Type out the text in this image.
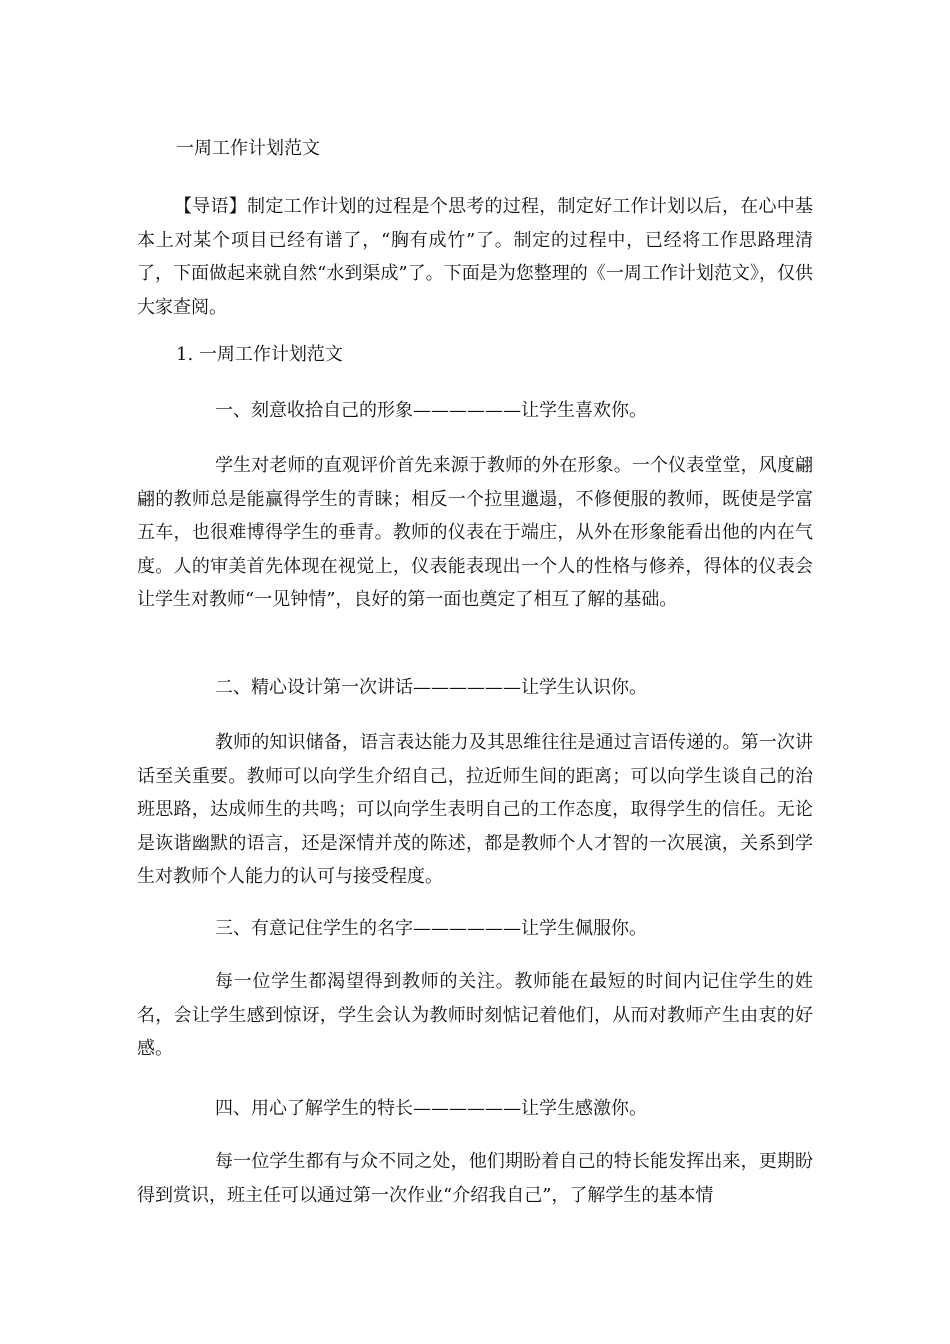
一周工作计划范文
【导语】制定工作计划的过程是个思考的过程，制定好工作计划以后，在心中基本上对某个项目已经有谱了，“胸有成竹”了。制定的过程中，已经将工作思路理清了，下面做起来就自然“水到渠成”了。下面是为您整理的《一周工作计划范文》，仅供大家查阅。
1. 一周工作计划范文
一、刻意收拾自己的形象——————让学生喜欢你。
学生对老师的直观评价首先来源于教师的外在形象。一个仪表堂堂，风度翩翩的教师总是能赢得学生的青睐；相反一个拉里邋遢，不修便服的教师，既使是学富五车，也很难博得学生的垂青。教师的仪表在于端庄，从外在形象能看出他的内在气度。人的审美首先体现在视觉上，仪表能表现出一个人的性格与修养，得体的仪表会让学生对教师“一见钟情”，良好的第一面也奠定了相互了解的基础。
二、精心设计第一次讲话——————让学生认识你。
教师的知识储备，语言表达能力及其思维往往是通过言语传递的。第一次讲话至关重要。教师可以向学生介绍自己，拉近师生间的距离；可以向学生谈自己的治班思路，达成师生的共鸣；可以向学生表明自己的工作态度，取得学生的信任。无论是诙谐幽默的语言，还是深情并茂的陈述，都是教师个人才智的一次展演，关系到学生对教师个人能力的认可与接受程度。
三、有意记住学生的名字——————让学生佩服你。
每一位学生都渴望得到教师的关注。教师能在最短的时间内记住学生的姓名，会让学生感到惊讶，学生会认为教师时刻惦记着他们，从而对教师产生由衷的好感。
四、用心了解学生的特长——————让学生感激你。
每一位学生都有与众不同之处，他们期盼着自己的特长能发挥出来，更期盼得到赏识，班主任可以通过第一次作业“介绍我自己”，了解学生的基本情
